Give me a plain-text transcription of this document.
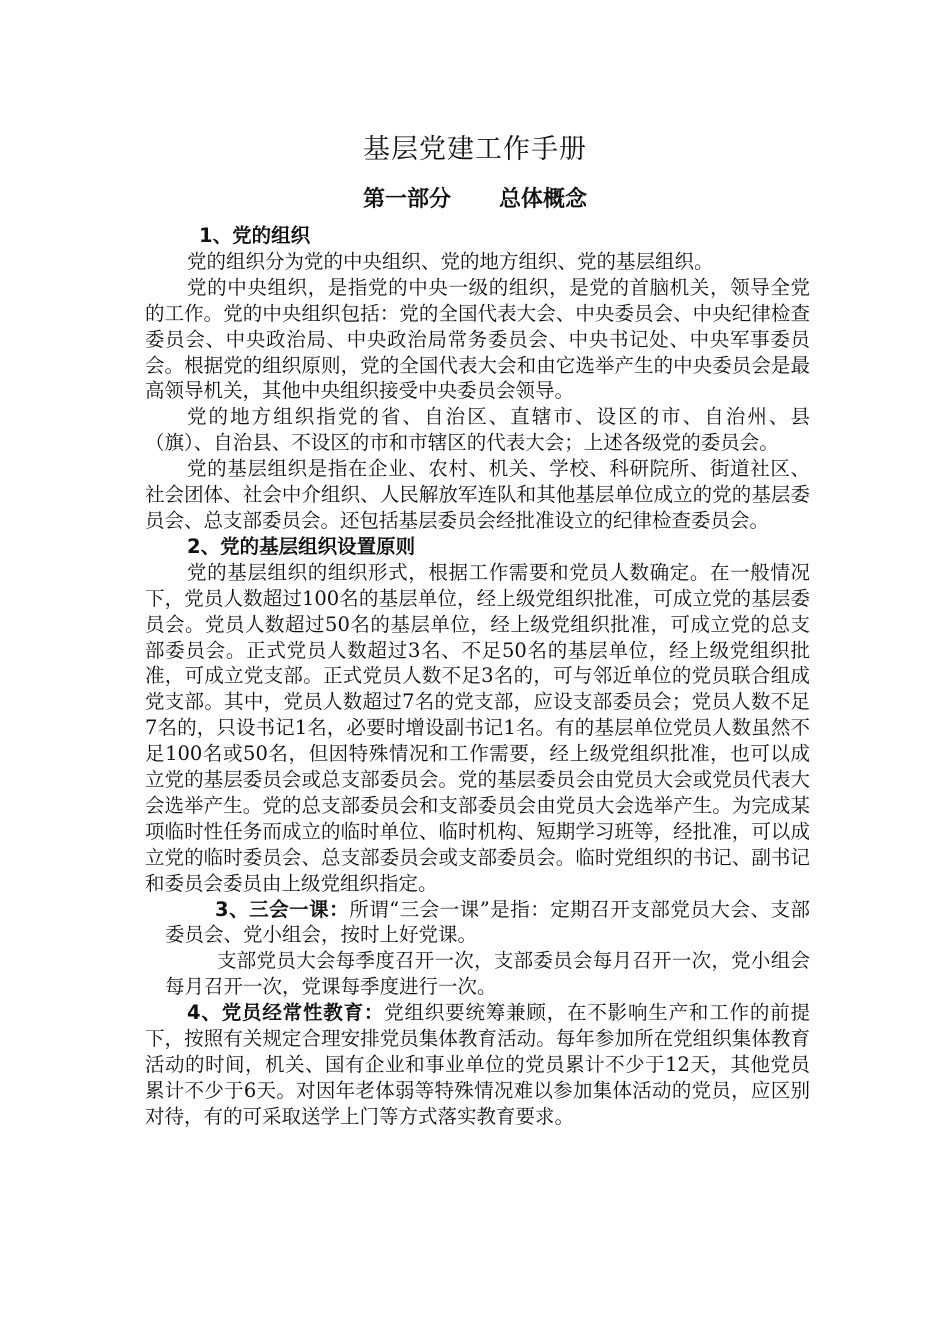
基层党建工作手册
第一部分 总体概念

1、党的组织

党的组织分为党的中央组织、党的地方组织、党的基层组织。

党的中央组织，是指党的中央一级的组织，是党的首脑机关，领导全党的工作。党的中央组织包括：党的全国代表大会、中央委员会、中央纪律检查委员会、中央政治局、中央政治局常务委员会、中央书记处、中央军事委员会。根据党的组织原则，党的全国代表大会和由它选举产生的中央委员会是最高领导机关，其他中央组织接受中央委员会领导。

党的地方组织指党的省、自治区、直辖市、设区的市、自治州、县（旗）、自治县、不设区的市和市辖区的代表大会；上述各级党的委员会。

党的基层组织是指在企业、农村、机关、学校、科研院所、街道社区、社会团体、社会中介组织、人民解放军连队和其他基层单位成立的党的基层委员会、总支部委员会。还包括基层委员会经批准设立的纪律检查委员会。

2、党的基层组织设置原则

党的基层组织的组织形式，根据工作需要和党员人数确定。在一般情况下，党员人数超过100名的基层单位，经上级党组织批准，可成立党的基层委员会。党员人数超过50名的基层单位，经上级党组织批准，可成立党的总支部委员会。正式党员人数超过3名、不足50名的基层单位，经上级党组织批准，可成立党支部。正式党员人数不足3名的，可与邻近单位的党员联合组成党支部。其中，党员人数超过7名的党支部，应设支部委员会；党员人数不足7名的，只设书记1名，必要时增设副书记1名。有的基层单位党员人数虽然不足100名或50名，但因特殊情况和工作需要，经上级党组织批准，也可以成立党的基层委员会或总支部委员会。党的基层委员会由党员大会或党员代表大会选举产生。党的总支部委员会和支部委员会由党员大会选举产生。为完成某项临时性任务而成立的临时单位、临时机构、短期学习班等，经批准，可以成立党的临时委员会、总支部委员会或支部委员会。临时党组织的书记、副书记和委员会委员由上级党组织指定。

3、三会一课：所谓“三会一课”是指：定期召开支部党员大会、支部委员会、党小组会，按时上好党课。

支部党员大会每季度召开一次，支部委员会每月召开一次，党小组会每月召开一次，党课每季度进行一次。

4、党员经常性教育：党组织要统筹兼顾，在不影响生产和工作的前提下，按照有关规定合理安排党员集体教育活动。每年参加所在党组织集体教育活动的时间，机关、国有企业和事业单位的党员累计不少于12天，其他党员累计不少于6天。对因年老体弱等特殊情况难以参加集体活动的党员，应区别对待，有的可采取送学上门等方式落实教育要求。
